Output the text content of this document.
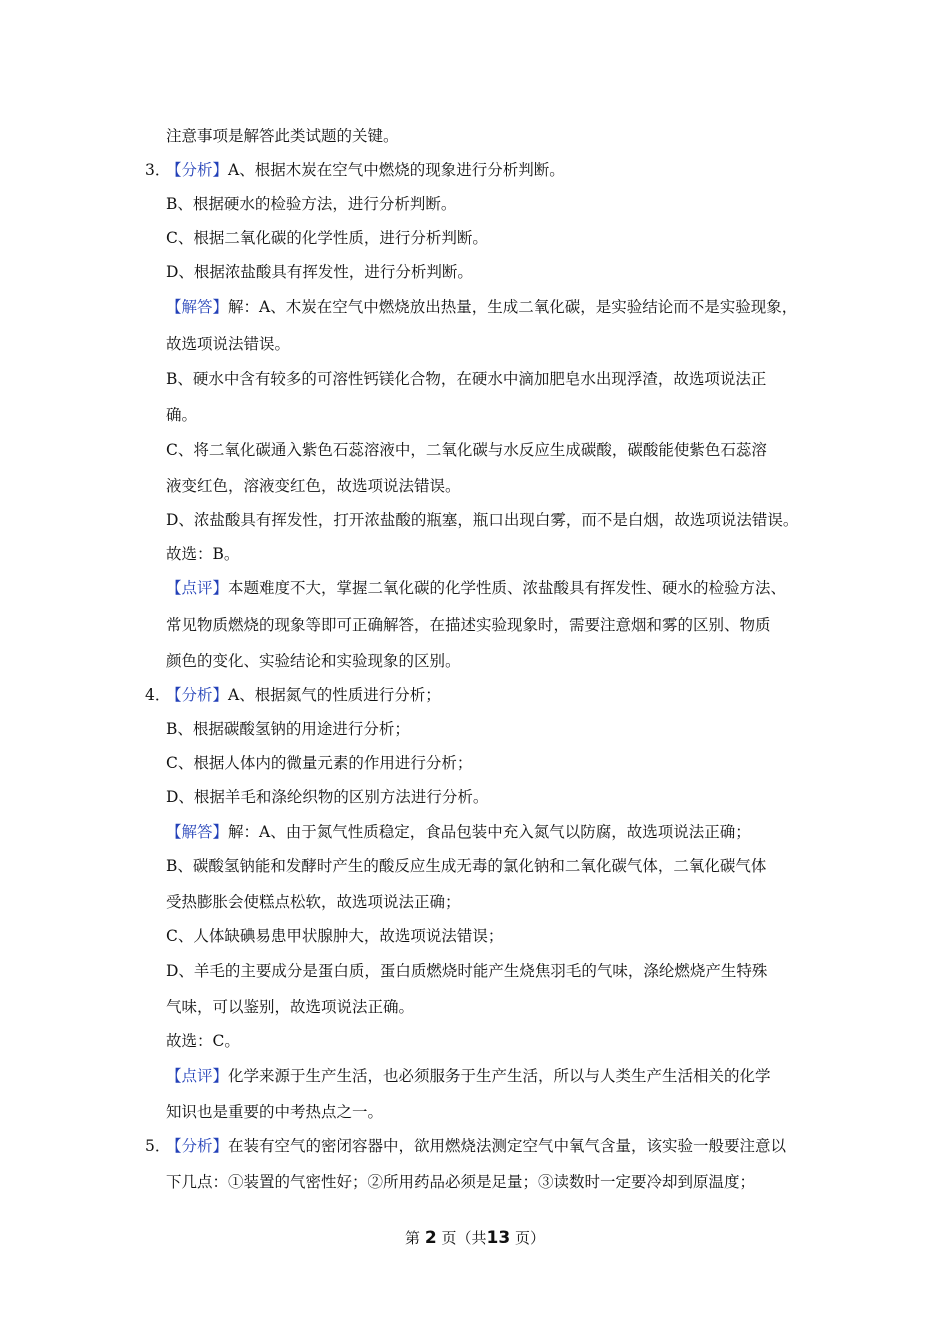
注意事项是解答此类试题的关键。
3．【分析】A、根据木炭在空气中燃烧的现象进行分析判断。
B、根据硬水的检验方法，进行分析判断。
C、根据二氧化碳的化学性质，进行分析判断。
D、根据浓盐酸具有挥发性，进行分析判断。
【解答】解：A、木炭在空气中燃烧放出热量，生成二氧化碳，是实验结论而不是实验现象，
故选项说法错误。
B、硬水中含有较多的可溶性钙镁化合物，在硬水中滴加肥皂水出现浮渣，故选项说法正
确。
C、将二氧化碳通入紫色石蕊溶液中，二氧化碳与水反应生成碳酸，碳酸能使紫色石蕊溶
液变红色，溶液变红色，故选项说法错误。
D、浓盐酸具有挥发性，打开浓盐酸的瓶塞，瓶口出现白雾，而不是白烟，故选项说法错误。
故选：B。
【点评】本题难度不大，掌握二氧化碳的化学性质、浓盐酸具有挥发性、硬水的检验方法、
常见物质燃烧的现象等即可正确解答，在描述实验现象时，需要注意烟和雾的区别、物质
颜色的变化、实验结论和实验现象的区别。
4．【分析】A、根据氮气的性质进行分析；
B、根据碳酸氢钠的用途进行分析；
C、根据人体内的微量元素的作用进行分析；
D、根据羊毛和涤纶织物的区别方法进行分析。
【解答】解：A、由于氮气性质稳定，食品包装中充入氮气以防腐，故选项说法正确；
B、碳酸氢钠能和发酵时产生的酸反应生成无毒的氯化钠和二氧化碳气体，二氧化碳气体
受热膨胀会使糕点松软，故选项说法正确；
C、人体缺碘易患甲状腺肿大，故选项说法错误；
D、羊毛的主要成分是蛋白质，蛋白质燃烧时能产生烧焦羽毛的气味，涤纶燃烧产生特殊
气味，可以鉴别，故选项说法正确。
故选：C。
【点评】化学来源于生产生活，也必须服务于生产生活，所以与人类生产生活相关的化学
知识也是重要的中考热点之一。
5．【分析】在装有空气的密闭容器中，欲用燃烧法测定空气中氧气含量，该实验一般要注意以
下几点：①装置的气密性好；②所用药品必须是足量；③读数时一定要冷却到原温度；
第 2 页（共13 页）
